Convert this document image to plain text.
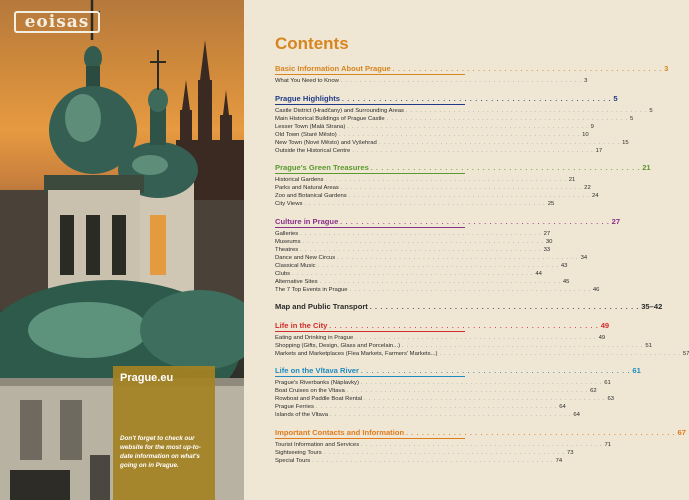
eoisas
Prague.eu
Don't forget to check our website for the most up-to-date information on what's going on in Prague.
Contents
Basic Information About Prague . . . . . . . . . . . . . . . . . . . . . . . . . . . . . . . . . . . . . . . . . . . . . . . . . . . 3
What You Need to Know . . . . . . . . . . . . . . . . . . . . . . . . . . . . . . . . . . . . . . . . . . . . . . . . . . . 3
Prague Highlights . . . . . . . . . . . . . . . . . . . . . . . . . . . . . . . . . . . . . . . . . . . . . . . . . . . 5
Castle District (Hradčany) and Surrounding Areas . . . . . . . . . . . . . . . . . . . . . . . . . . . . . . . . . . . . . . . . . . . . . . . . . . . 5
Main Historical Buildings of Prague Castle . . . . . . . . . . . . . . . . . . . . . . . . . . . . . . . . . . . . . . . . . . . . . . . . . . . 5
Lesser Town (Malá Strana) . . . . . . . . . . . . . . . . . . . . . . . . . . . . . . . . . . . . . . . . . . . . . . . . . . . 9
Old Town (Staré Město) . . . . . . . . . . . . . . . . . . . . . . . . . . . . . . . . . . . . . . . . . . . . . . . . . . . 10
New Town (Nové Město) and Vyšehrad . . . . . . . . . . . . . . . . . . . . . . . . . . . . . . . . . . . . . . . . . . . . . . . . . . . 15
Outside the Historical Centre . . . . . . . . . . . . . . . . . . . . . . . . . . . . . . . . . . . . . . . . . . . . . . . . . . . 17
Prague's Green Treasures . . . . . . . . . . . . . . . . . . . . . . . . . . . . . . . . . . . . . . . . . . . . . . . . . . . 21
Historical Gardens . . . . . . . . . . . . . . . . . . . . . . . . . . . . . . . . . . . . . . . . . . . . . . . . . . . 21
Parks and Natural Areas . . . . . . . . . . . . . . . . . . . . . . . . . . . . . . . . . . . . . . . . . . . . . . . . . . . 22
Zoo and Botanical Gardens . . . . . . . . . . . . . . . . . . . . . . . . . . . . . . . . . . . . . . . . . . . . . . . . . . . 24
City Views . . . . . . . . . . . . . . . . . . . . . . . . . . . . . . . . . . . . . . . . . . . . . . . . . . . 25
Culture in Prague . . . . . . . . . . . . . . . . . . . . . . . . . . . . . . . . . . . . . . . . . . . . . . . . . . . 27
Galleries . . . . . . . . . . . . . . . . . . . . . . . . . . . . . . . . . . . . . . . . . . . . . . . . . . . 27
Museums . . . . . . . . . . . . . . . . . . . . . . . . . . . . . . . . . . . . . . . . . . . . . . . . . . . 30
Theatres . . . . . . . . . . . . . . . . . . . . . . . . . . . . . . . . . . . . . . . . . . . . . . . . . . . 33
Dance and New Circus . . . . . . . . . . . . . . . . . . . . . . . . . . . . . . . . . . . . . . . . . . . . . . . . . . . 34
Classical Music . . . . . . . . . . . . . . . . . . . . . . . . . . . . . . . . . . . . . . . . . . . . . . . . . . . 43
Clubs . . . . . . . . . . . . . . . . . . . . . . . . . . . . . . . . . . . . . . . . . . . . . . . . . . . 44
Alternative Sites . . . . . . . . . . . . . . . . . . . . . . . . . . . . . . . . . . . . . . . . . . . . . . . . . . . 45
The 7 Top Events in Prague . . . . . . . . . . . . . . . . . . . . . . . . . . . . . . . . . . . . . . . . . . . . . . . . . . . 46
Map and Public Transport . . . . . . . . . . . . . . . . . . . . . . . . . . . . . . . . . . . . . . . . . . . . . . . . . . . 35–42
Life in the City . . . . . . . . . . . . . . . . . . . . . . . . . . . . . . . . . . . . . . . . . . . . . . . . . . . 49
Eating and Drinking in Prague . . . . . . . . . . . . . . . . . . . . . . . . . . . . . . . . . . . . . . . . . . . . . . . . . . . 49
Shopping (Gifts, Design, Glass and Porcelain...) . . . . . . . . . . . . . . . . . . . . . . . . . . . . . . . . . . . . . . . . . . . . . . . . . . . 51
Markets and Marketplaces (Flea Markets, Farmers' Markets...) . . . . . . . . . . . . . . . . . . . . . . . . . . . . . . . . . . . . . . . . . . . . . . . . . . . 57
Life on the Vltava River . . . . . . . . . . . . . . . . . . . . . . . . . . . . . . . . . . . . . . . . . . . . . . . . . . . 61
Prague's Riverbanks (Náplavky) . . . . . . . . . . . . . . . . . . . . . . . . . . . . . . . . . . . . . . . . . . . . . . . . . . . 61
Boat Cruises on the Vltava . . . . . . . . . . . . . . . . . . . . . . . . . . . . . . . . . . . . . . . . . . . . . . . . . . . 62
Rowboat and Paddle Boat Rental . . . . . . . . . . . . . . . . . . . . . . . . . . . . . . . . . . . . . . . . . . . . . . . . . . . 63
Prague Ferries . . . . . . . . . . . . . . . . . . . . . . . . . . . . . . . . . . . . . . . . . . . . . . . . . . . 64
Islands of the Vltava . . . . . . . . . . . . . . . . . . . . . . . . . . . . . . . . . . . . . . . . . . . . . . . . . . . 64
Important Contacts and Information . . . . . . . . . . . . . . . . . . . . . . . . . . . . . . . . . . . . . . . . . . . . . . . . . . . 67
Tourist Information and Services . . . . . . . . . . . . . . . . . . . . . . . . . . . . . . . . . . . . . . . . . . . . . . . . . . . 71
Sightseeing Tours . . . . . . . . . . . . . . . . . . . . . . . . . . . . . . . . . . . . . . . . . . . . . . . . . . . 73
Special Tours . . . . . . . . . . . . . . . . . . . . . . . . . . . . . . . . . . . . . . . . . . . . . . . . . . . 74
